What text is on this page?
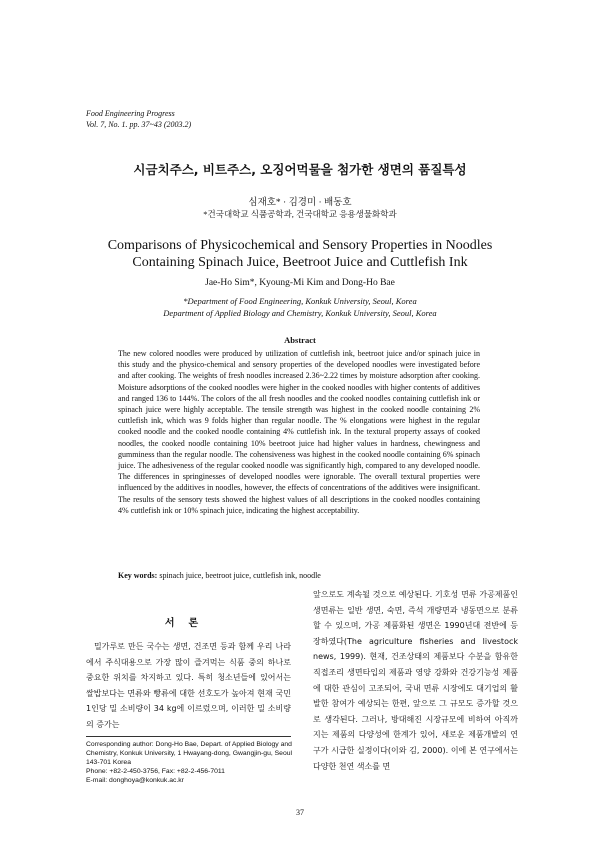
Food Engineering Progress
Vol. 7, No. 1. pp. 37~43 (2003.2)
시금치주스, 비트주스, 오징어먹물을 첨가한 생면의 품질특성
심재호* · 김경미 · 배동호
*건국대학교 식품공학과, 건국대학교 응용생물화학과
Comparisons of Physicochemical and Sensory Properties in Noodles
Containing Spinach Juice, Beetroot Juice and Cuttlefish Ink
Jae-Ho Sim*, Kyoung-Mi Kim and Dong-Ho Bae
*Department of Food Engineering, Konkuk University, Seoul, Korea
Department of Applied Biology and Chemistry, Konkuk University, Seoul, Korea
Abstract
The new colored noodles were produced by utilization of cuttlefish ink, beetroot juice and/or spinach juice in this study and the physico-chemical and sensory properties of the developed noodles were investigated before and after cooking. The weights of fresh noodles increased 2.36~2.22 times by moisture adsorption after cooking. Moisture adsorptions of the cooked noodles were higher in the cooked noodles with higher contents of additives and ranged 136 to 144%. The colors of the all fresh noodles and the cooked noodles containing cuttlefish ink or spinach juice were highly acceptable. The tensile strength was highest in the cooked noodle containing 2% cuttlefish ink, which was 9 folds higher than regular noodle. The % elongations were highest in the regular cooked noodle and the cooked noodle containing 4% cuttlefish ink. In the textural property assays of cooked noodles, the cooked noodle containing 10% beetroot juice had higher values in hardness, chewingness and gumminess than the regular noodle. The cohensiveness was highest in the cooked noodle containing 6% spinach juice. The adhesiveness of the regular cooked noodle was significantly high, compared to any developed noodle. The differences in springinesses of developed noodles were ignorable. The overall textural properties were influenced by the additives in noodles, however, the effects of concentrations of the additives were insignificant. The results of the sensory tests showed the highest values of all descriptions in the cooked noodles containing 4% cuttlefish ink or 10% spinach juice, indicating the highest acceptability.
Key words: spinach juice, beetroot juice, cuttlefish ink, noodle
서론
밀가루로 만든 국수는 생면, 건조면 등과 함께 우리 나라에서 주식대용으로 가장 많이 즐겨먹는 식품 중의 하나로 중요한 위치를 차지하고 있다. 특히 청소년들에 있어서는 쌀밥보다는 면류와 빵류에 대한 선호도가 높아져 현재 국민 1인당 밀 소비량이 34 kg에 이르렀으며, 이러한 밀 소비량의 증가는
앞으로도 계속될 것으로 예상된다. 기호성 면류 가공제품인 생면류는 일반 생면, 숙면, 즉석 개량면과 냉동면으로 분류할 수 있으며, 가공 제품화된 생면은 1990년대 전반에 등장하였다(The agriculture fisheries and livestock news, 1999). 현재, 건조상태의 제품보다 수분을 함유한 직접조리 생면타입의 제품과 영양 강화와 건강기능성 제품에 대한 관심이 고조되어, 국내 면류 시장에도 대기업의 활발한 참여가 예상되는 한편, 앞으로 그 규모도 증가할 것으로 생각된다. 그러나, 방대해진 시장규모에 비하여 아직까지는 제품의 다양성에 한계가 있어, 새로운 제품개발의 연구가 시급한 실정이다(이와 김, 2000). 이에 본 연구에서는 다양한 천연 색소를 면
Corresponding author: Dong-Ho Bae, Depart. of Applied Biology and Chemistry, Konkuk University, 1 Hwayang-dong, Gwangjin-gu, Seoul 143-701 Korea
Phone: +82-2-450-3756, Fax: +82-2-456-7011
E-mail: donghoya@konkuk.ac.kr
37
